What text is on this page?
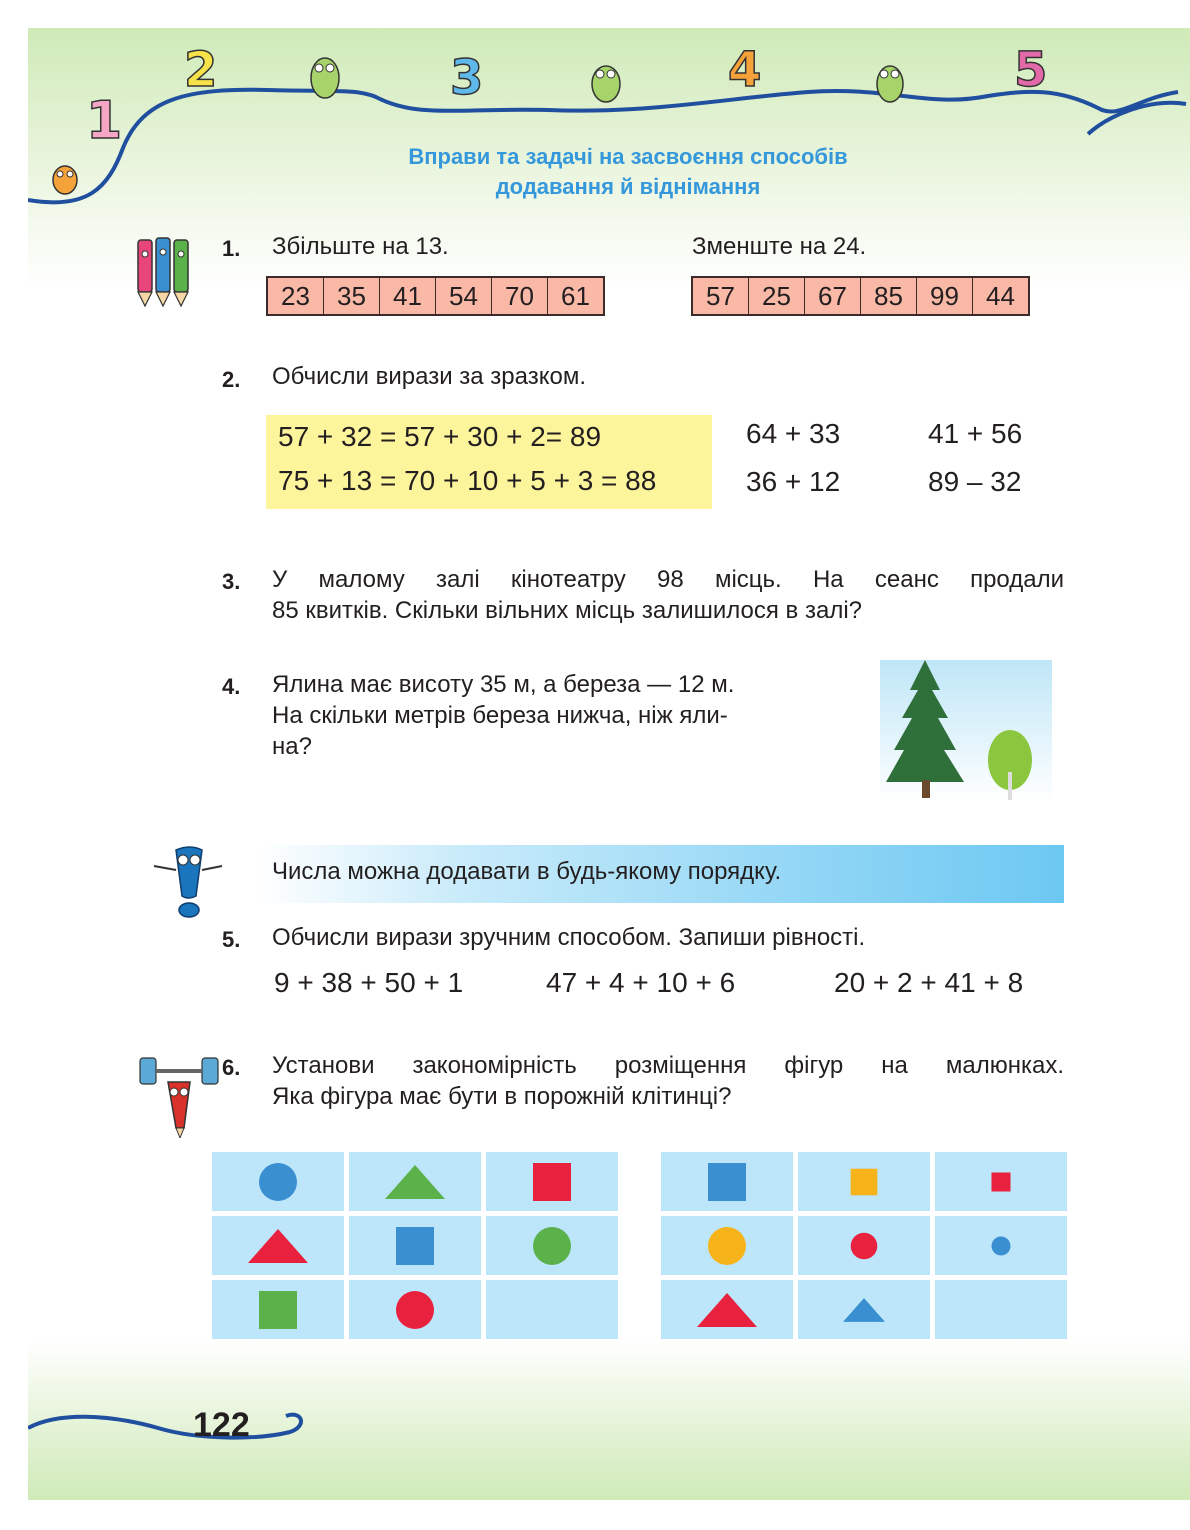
1
2	3	4	5
Вправи та задачі на засвоєння способів
додавання й віднімання
1. Збільште на 13.
23	35	41	54	70	61
Зменште на 24.
57	25	67	85	99	44
2. Обчисли вирази за зразком.
57 + 32 = 57 + 30 + 2= 89
75 + 13 = 70 + 10 + 5 + 3 = 88
64 + 33	41 + 56
36 + 12	89 – 32
3. У малому залі кінотеатру 98 місць. На сеанс продали
85 квитків. Скільки вільних місць залишилося в залі?
4. Ялина має висоту 35 м, а береза — 12 м.
На скільки метрів береза нижча, ніж яли-
на?
Числа можна додавати в будь-якому порядку.
5. Обчисли вирази зручним способом. Запиши рівності.
9 + 38 + 50 + 1	47 + 4 + 10 + 6	20 + 2 + 41 + 8
6. Установи закономірність розміщення фігур на малюнках.
Яка фігура має бути в порожній клітинці?
122
